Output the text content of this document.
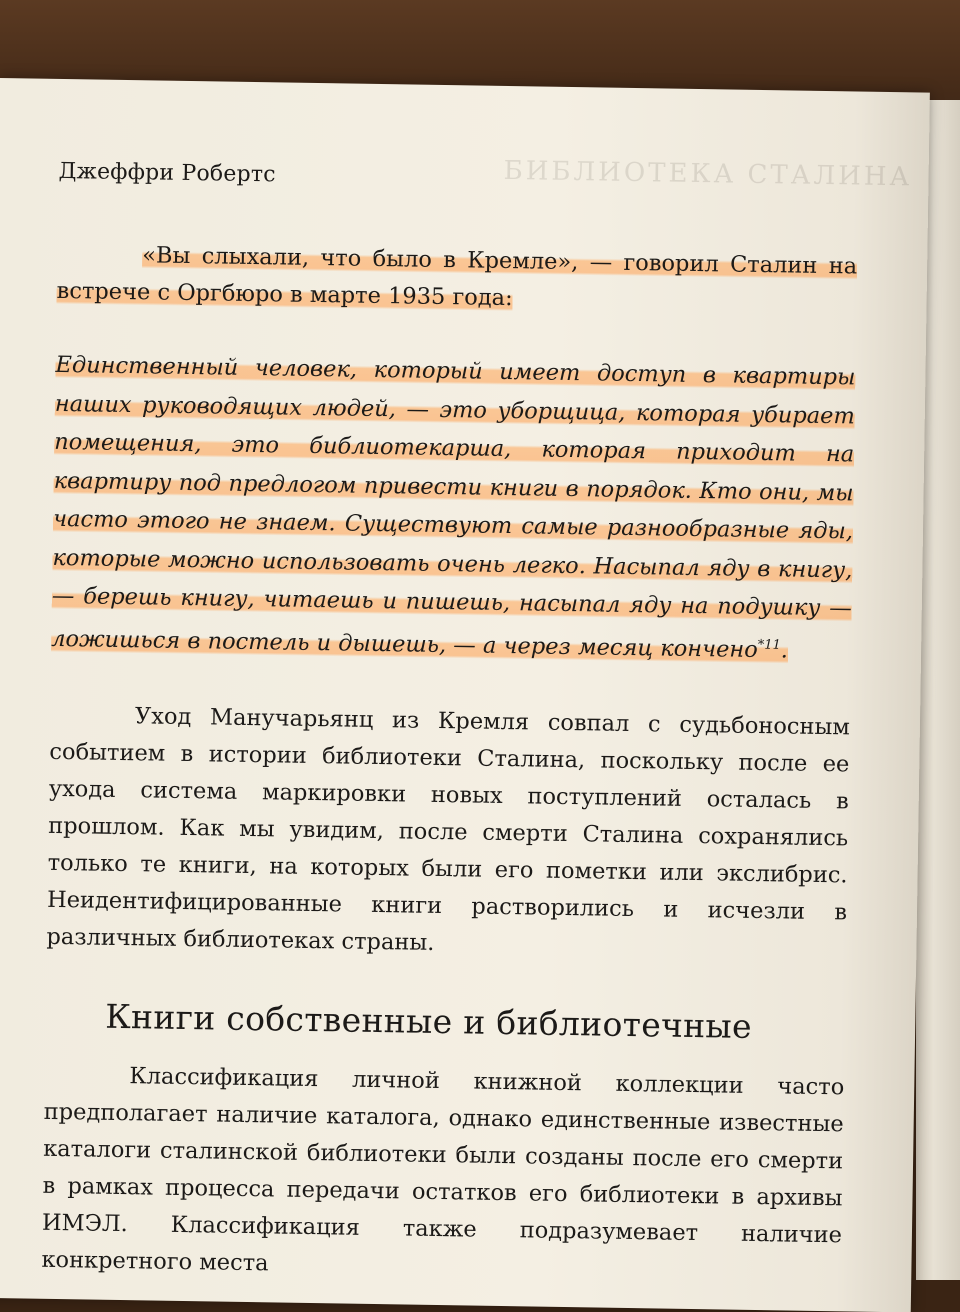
БИБЛИОТЕКА СТАЛИНА
Джеффри Робертс

«Вы слыхали, что было в Кремле», — говорил Сталин на встрече с Оргбюро в марте 1935 года:

Единственный человек, который имеет доступ в квартиры наших руководящих людей, — это уборщица, которая убирает помещения, это библиотекарша, которая приходит на квартиру под предлогом привести книги в порядок. Кто они, мы часто этого не знаем. Существуют самые разнообразные яды, которые можно использовать очень легко. Насыпал яду в книгу, — берешь книгу, читаешь и пишешь, насыпал яду на подушку — ложишься в постель и дышешь, — а через месяц кончено$^{*11}$.

Уход Манучарьянц из Кремля совпал с судьбоносным событием в истории библиотеки Сталина, поскольку после ее ухода система маркировки новых поступлений осталась в прошлом. Как мы увидим, после смерти Сталина сохранялись только те книги, на которых были его пометки или экслибрис. Неидентифицированные книги растворились и исчезли в различных библиотеках страны.

Книги собственные и библиотечные

Классификация личной книжной коллекции часто предполагает наличие каталога, однако единственные известные каталоги сталинской библиотеки были созданы после его смерти в рамках процесса передачи остатков его библиотеки в архивы ИМЭЛ. Классификация также подразумевает наличие конкретного места
